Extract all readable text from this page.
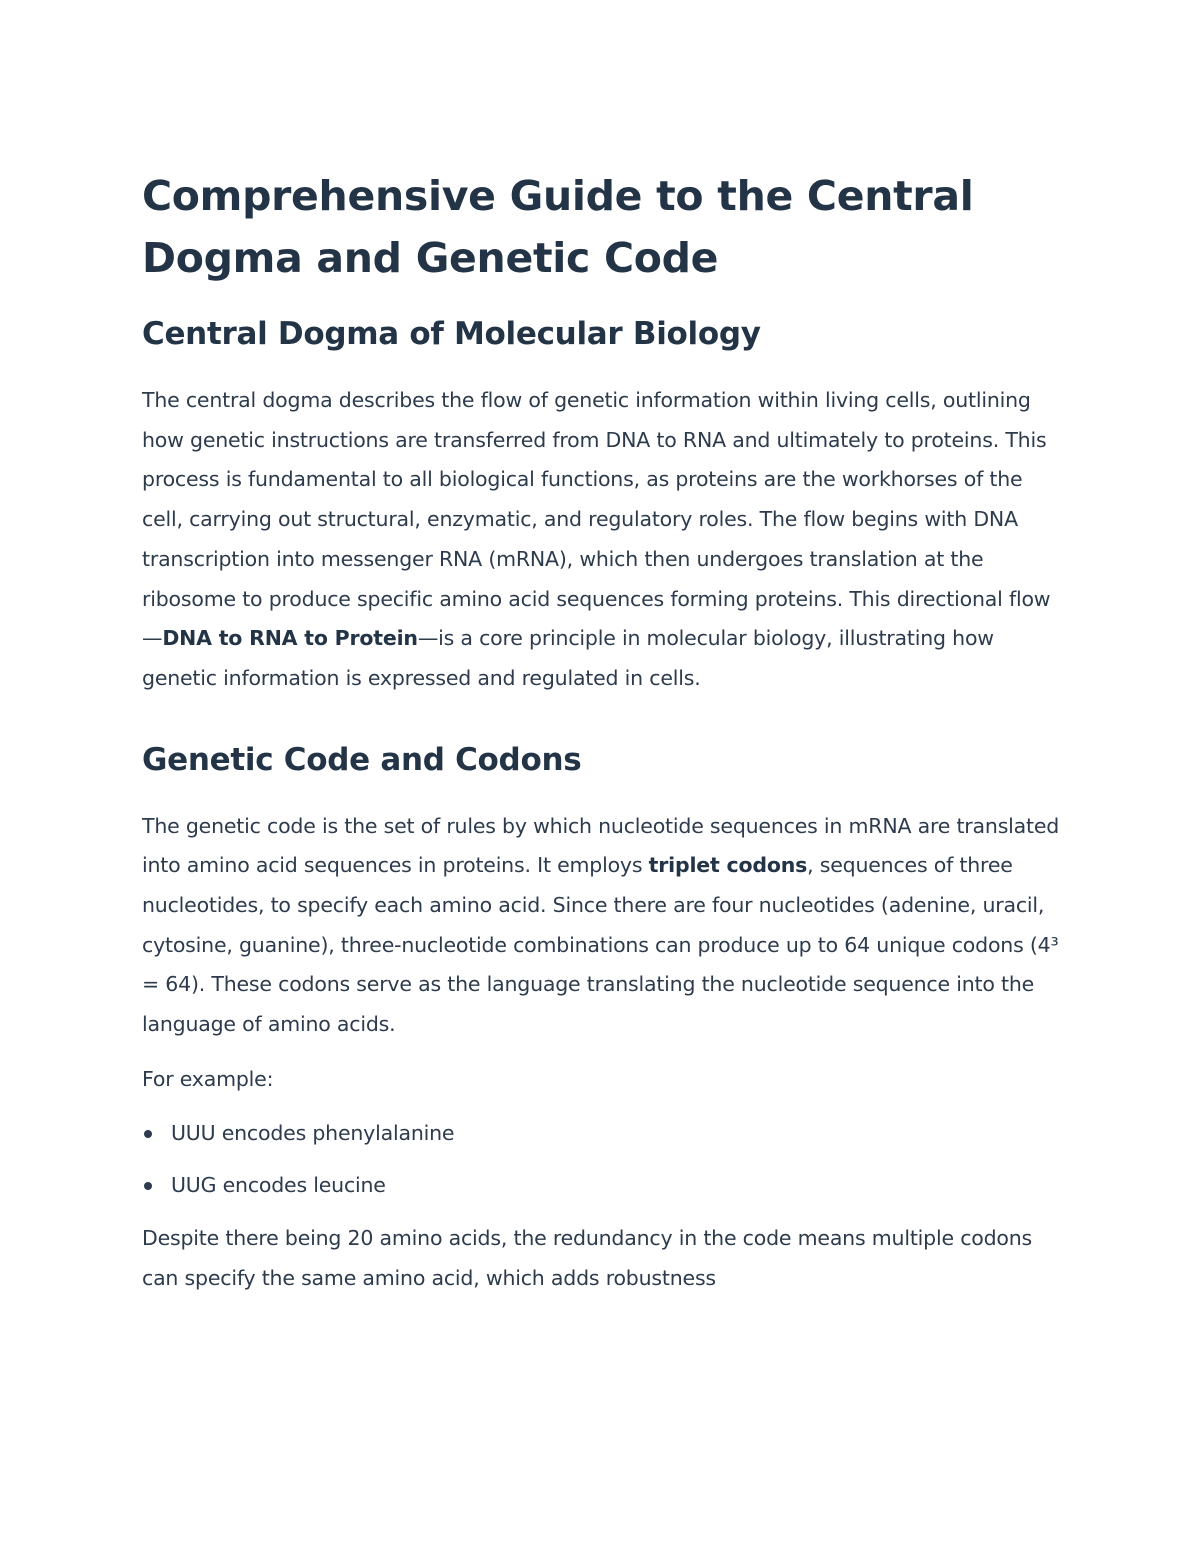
Comprehensive Guide to the Central Dogma and Genetic Code
Central Dogma of Molecular Biology

The central dogma describes the flow of genetic information within living cells, outlining how genetic instructions are transferred from DNA to RNA and ultimately to proteins. This process is fundamental to all biological functions, as proteins are the workhorses of the cell, carrying out structural, enzymatic, and regulatory roles. The flow begins with DNA transcription into messenger RNA (mRNA), which then undergoes translation at the ribosome to produce specific amino acid sequences forming proteins. This directional flow—DNA to RNA to Protein—is a core principle in molecular biology, illustrating how genetic information is expressed and regulated in cells.

Genetic Code and Codons

The genetic code is the set of rules by which nucleotide sequences in mRNA are translated into amino acid sequences in proteins. It employs triplet codons, sequences of three nucleotides, to specify each amino acid. Since there are four nucleotides (adenine, uracil, cytosine, guanine), three-nucleotide combinations can produce up to 64 unique codons (4³ = 64). These codons serve as the language translating the nucleotide sequence into the language of amino acids.

For example:

UUU encodes phenylalanine
UUG encodes leucine

Despite there being 20 amino acids, the redundancy in the code means multiple codons can specify the same amino acid, which adds robustness
